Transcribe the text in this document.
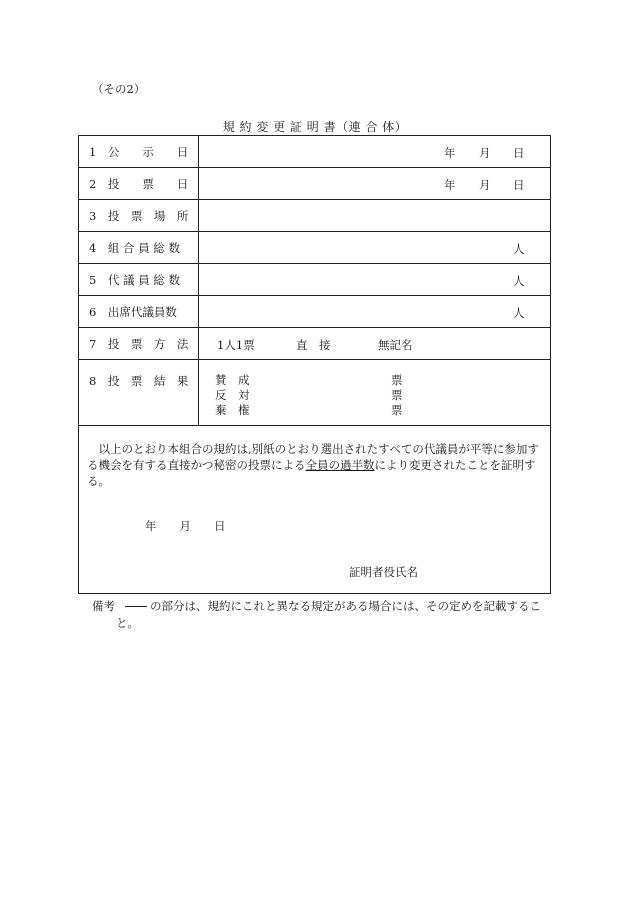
（その2）
規 約 変 更 証 明 書（連 合 体）
1　公　　示　　日	年 月 日
2　投　　票　　日	年 月 日
3　投　票　場　所
4　組 合 員 総 数	人
5　代 議 員 総 数	人
6　出席代議員数	人
7　投　票　方　法 1人1票	直　接	無記名
8　投　票　結　果 賛　成	票
反　対	票
棄　権	票
以上のとおり本組合の規約は,別紙のとおり選出されたすべての代議員が平等に参加する機会を有する直接かつ秘密の投票による全員の過半数により変更されたことを証明する。
年　　月　　日
証明者役氏名
備考	の部分は、規約にこれと異なる規定がある場合には、その定めを記載するこ
と。
